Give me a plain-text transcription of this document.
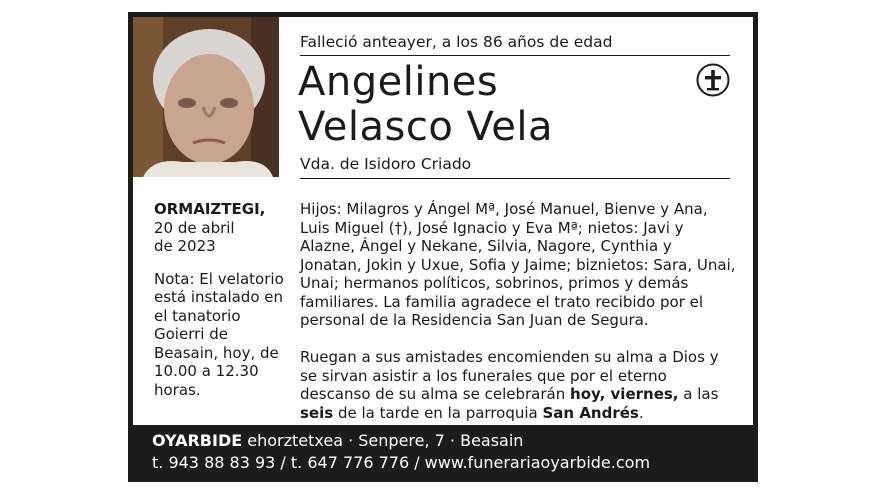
Falleció anteayer, a los 86 años de edad
Angelines
Velasco Vela
Vda. de Isidoro Criado
ORMAIZTEGI,
20 de abril
de 2023
Nota: El velatorio está instalado en el tanatorio Goierri de Beasain, hoy, de 10.00 a 12.30 horas.
Hijos: Milagros y Ángel Mª, José Manuel, Bienve y Ana, Luis Miguel (†), José Ignacio y Eva Mª; nietos: Javi y Alazne, Ángel y Nekane, Silvia, Nagore, Cynthia y Jonatan, Jokin y Uxue, Sofia y Jaime; biznietos: Sara, Unai, Unai; hermanos políticos, sobrinos, primos y demás familiares. La familia agradece el trato recibido por el personal de la Residencia San Juan de Segura.
Ruegan a sus amistades encomienden su alma a Dios y se sirvan asistir a los funerales que por el eterno descanso de su alma se celebrarán hoy, viernes, a las seis de la tarde en la parroquia San Andrés.
OYARBIDE ehorztetxea · Senpere, 7 · Beasain
t. 943 88 83 93 / t. 647 776 776 / www.funerariaoyarbide.com
